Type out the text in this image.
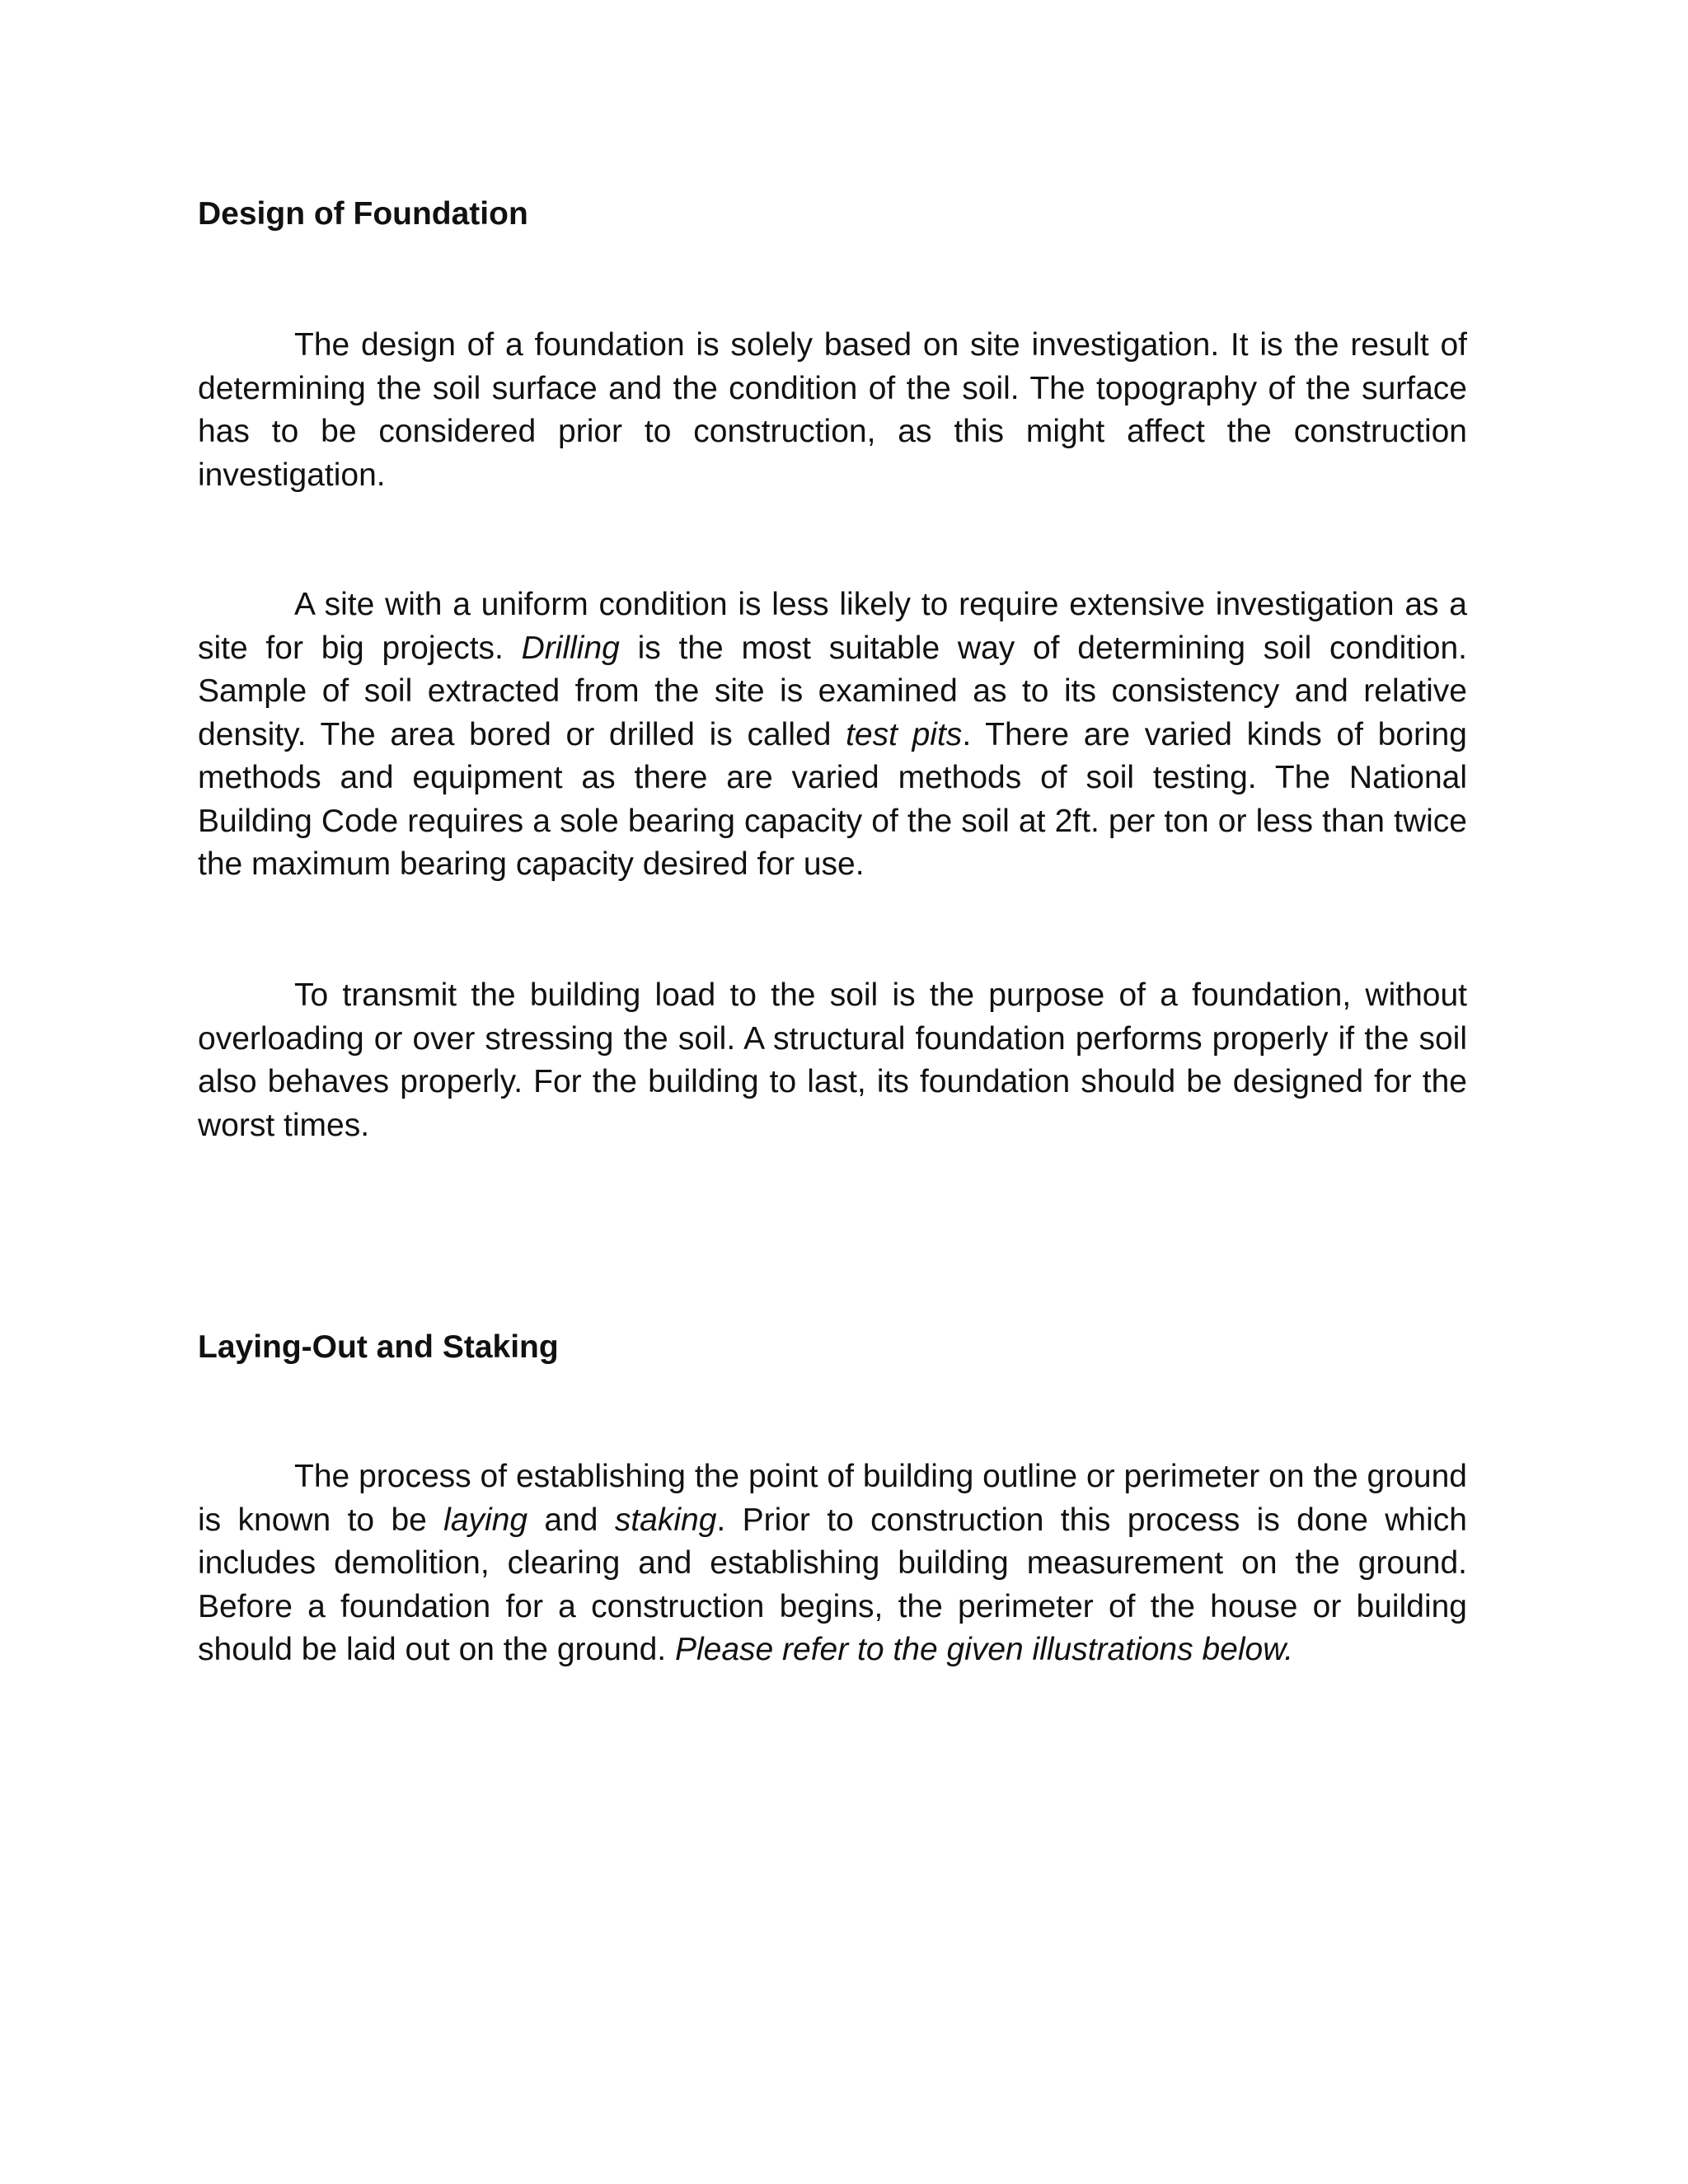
Design of Foundation

The design of a foundation is solely based on site investigation. It is the result of determining the soil surface and the condition of the soil. The topography of the surface has to be considered prior to construction, as this might affect the construction investigation.

A site with a uniform condition is less likely to require extensive investigation as a site for big projects. Drilling is the most suitable way of determining soil condition. Sample of soil extracted from the site is examined as to its consistency and relative density. The area bored or drilled is called test pits. There are varied kinds of boring methods and equipment as there are varied methods of soil testing. The National Building Code requires a sole bearing capacity of the soil at 2ft. per ton or less than twice the maximum bearing capacity desired for use.

To transmit the building load to the soil is the purpose of a foundation, without overloading or over stressing the soil. A structural foundation performs properly if the soil also behaves properly. For the building to last, its foundation should be designed for the worst times.

Laying-Out and Staking

The process of establishing the point of building outline or perimeter on the ground is known to be laying and staking. Prior to construction this process is done which includes demolition, clearing and establishing building measurement on the ground. Before a foundation for a construction begins, the perimeter of the house or building should be laid out on the ground. Please refer to the given illustrations below.
